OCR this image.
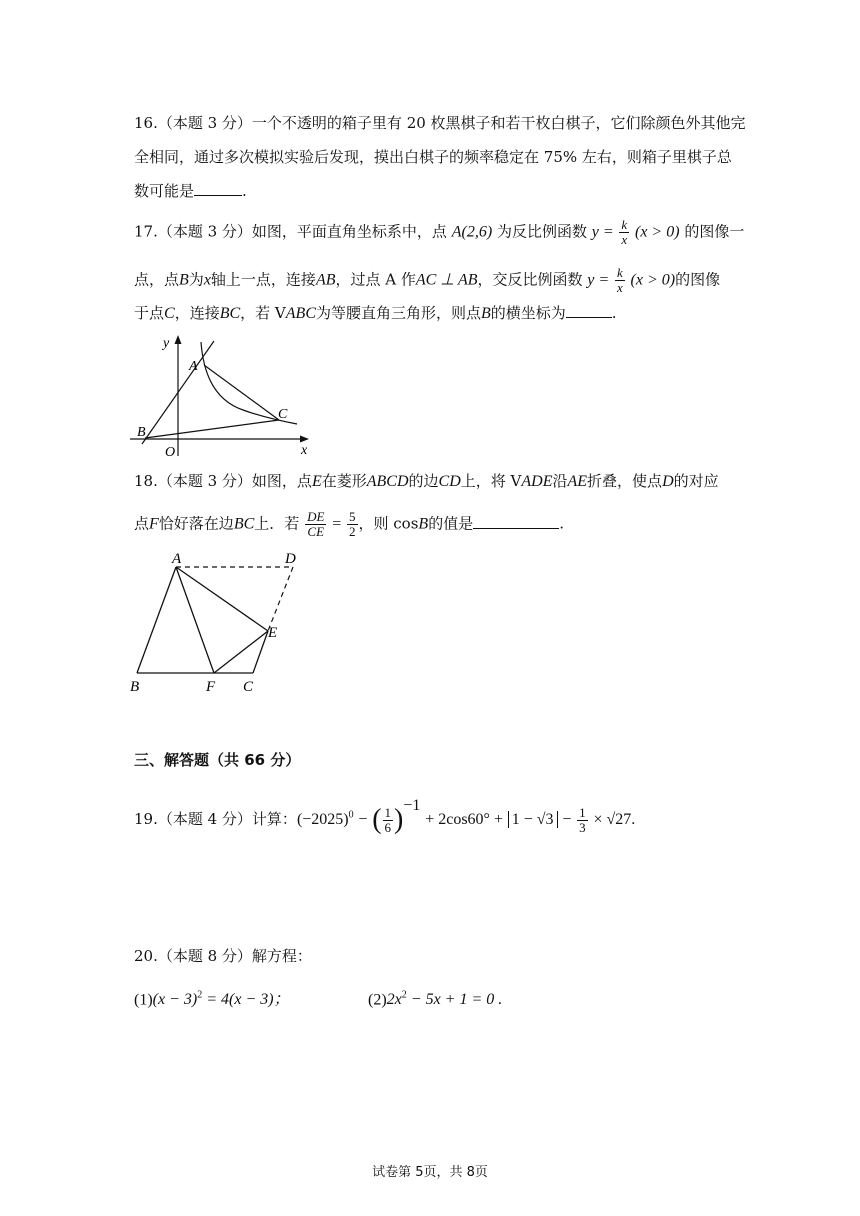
16.（本题 3 分）一个不透明的箱子里有 20 枚黑棋子和若干枚白棋子，它们除颜色外其他完
全相同，通过多次模拟实验后发现，摸出白棋子的频率稳定在 75% 左右，则箱子里棋子总
数可能是	.
17.（本题 3 分）如图，平面直角坐标系中，点 A(2,6) 为反比例函数 $y = \frac{k}{x} (x > 0)$ 的图像一
点，点B为x轴上一点，连接AB，过点 A 作AC ⊥ AB，交反比例函数 $y = \frac{k}{x} (x > 0)$的图像
于点C，连接BC，若 VABC为等腰直角三角形，则点B的横坐标为	.
y
x
A
B
C
O
18.（本题 3 分）如图，点E在菱形ABCD的边CD上，将 VADE沿AE折叠，使点D的对应
点F恰好落在边BC上．若 $\frac{DE}{CE} = \frac{5}{2}$ ，则 cosB的值是	.
A	D
E
B	F C
三、解答题（共 66 分）
19.（本题 4 分）计算：$(-2025)^0$ − ( $\frac{1}{6} )^{-1} + 2\cos 60^\circ + 1 - √3 - \frac{1}{3} \times √27$.
20.（本题 8 分）解方程：
$(1)(x - 3)^2 = 4(x - 3)$；	$(2)2x^2 - 5x + 1 = 0$ .
试卷第 5页，共 8页
